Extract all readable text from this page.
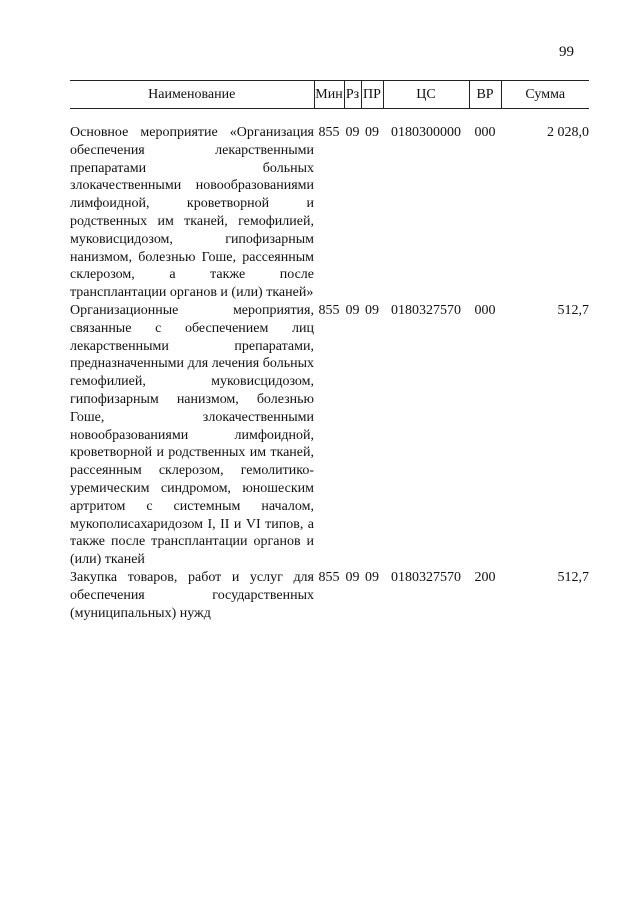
99
Наименование	Мин	Рз	ПР	ЦС	ВР	Сумма

Основное мероприятие «Организация обеспечения лекарственными препаратами больных злокачественными новообразованиями лимфоидной, кроветворной и родственных им тканей, гемофилией, муковисцидозом, гипофизарным нанизмом, болезнью Гоше, рассеянным склерозом, а также после трансплантации органов и (или) тканей»	855	09	09	0180300000	000	2 028,0
Организационные мероприятия, связанные с обеспечением лиц лекарственными препаратами, предназначенными для лечения больных гемофилией, муковисцидозом, гипофизарным нанизмом, болезнью Гоше, злокачественными новообразованиями лимфоидной, кроветворной и родственных им тканей, рассеянным склерозом, гемолитико-уремическим синдромом, юношеским артритом с системным началом, мукополисахаридозом I, II и VI типов, а также после трансплантации органов и (или) тканей	855	09	09	0180327570	000	512,7
Закупка товаров, работ и услуг для обеспечения государственных (муниципальных) нужд	855	09	09	0180327570	200	512,7
